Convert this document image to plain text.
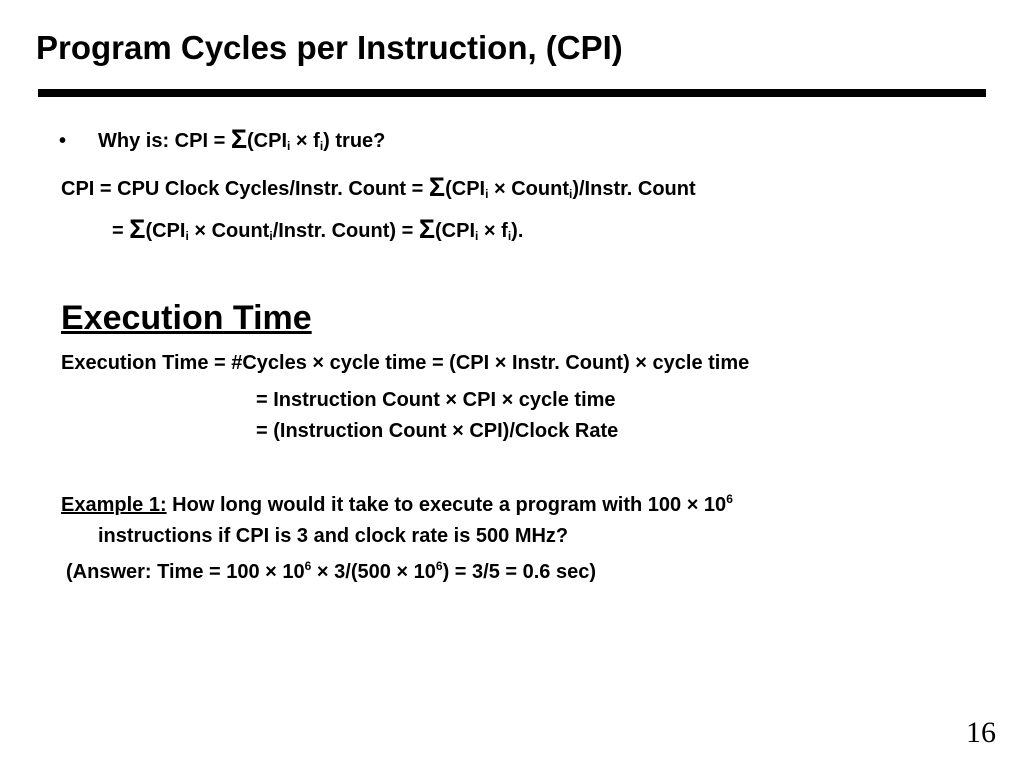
Program Cycles per Instruction, (CPI)
• Why is: CPI = $\Sigma(CPI_i \times f_i)$ true?
CPI = CPU Clock Cycles/Instr. Count = $\Sigma(CPI_i$ × Count$_i$)/Instr. Count
= $\Sigma(CPI_i$ × Count$_i$/Instr. Count) = $\Sigma(CPI_i \times f_i)$.
Execution Time
Execution Time = #Cycles × cycle time = (CPI × Instr. Count) × cycle time
= Instruction Count × CPI × cycle time
= (Instruction Count × CPI)/Clock Rate
Example 1: How long would it take to execute a program with $100 \times 10^6$
instructions if CPI is 3 and clock rate is 500 MHz?
(Answer: Time = $100 \times 10^6 \times 3/(500 \times 10^6) = 3/5 = 0.6$ sec)
16
